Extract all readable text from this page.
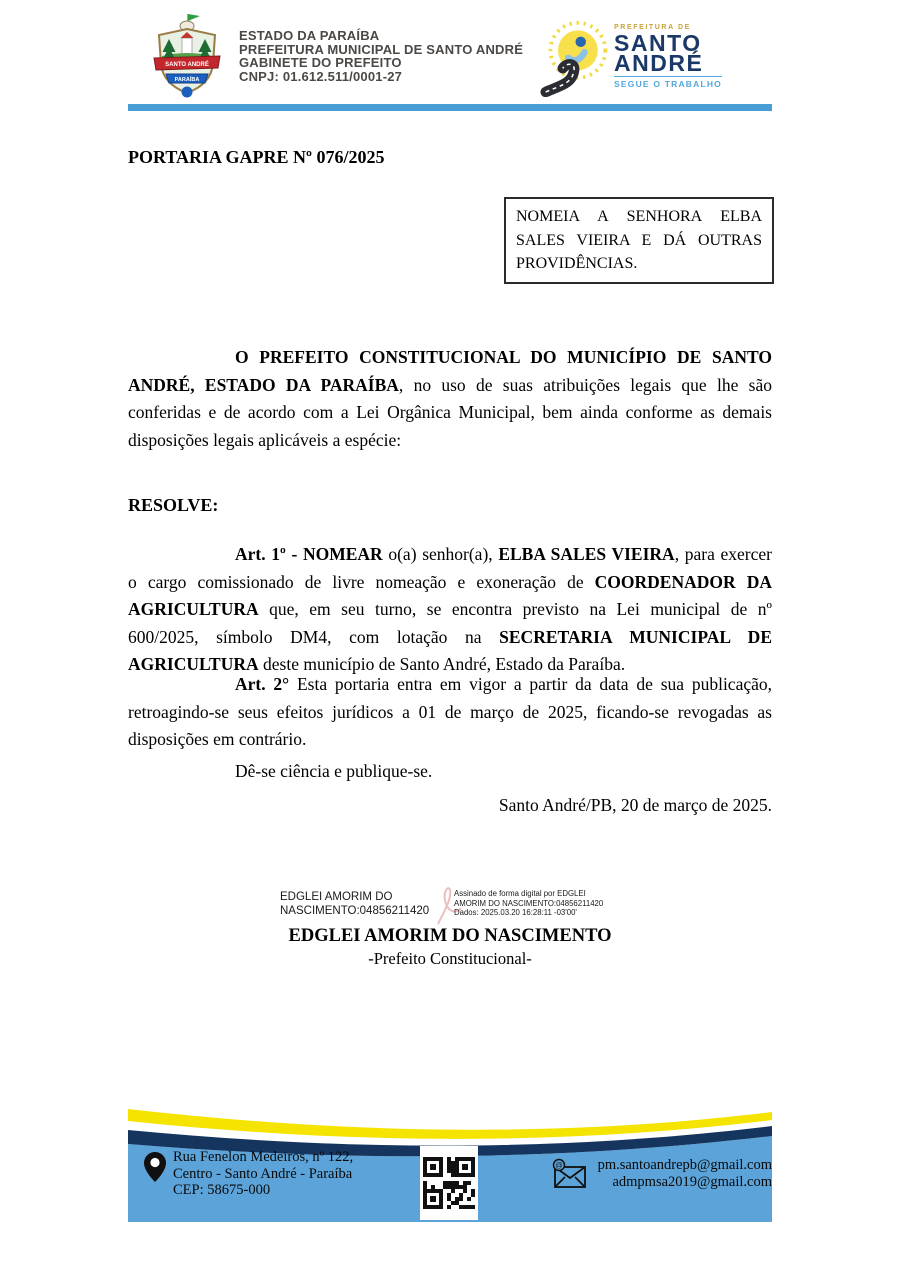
SANTO ANDRÉ
PARAÍBA
ESTADO DA PARAÍBA
PREFEITURA MUNICIPAL DE SANTO ANDRÉ
GABINETE DO PREFEITO
CNPJ: 01.612.511/0001-27
PREFEITURA DE
SANTO
ANDRÉ
SEGUE O TRABALHO
PORTARIA GAPRE Nº 076/2025
NOMEIA A SENHORA ELBA SALES VIEIRA E DÁ OUTRAS PROVIDÊNCIAS.

O PREFEITO CONSTITUCIONAL DO MUNICÍPIO DE SANTO ANDRÉ, ESTADO DA PARAÍBA, no uso de suas atribuições legais que lhe são conferidas e de acordo com a Lei Orgânica Municipal, bem ainda conforme as demais disposições legais aplicáveis a espécie:

RESOLVE:

Art. 1º - NOMEAR o(a) senhor(a), ELBA SALES VIEIRA, para exercer o cargo comissionado de livre nomeação e exoneração de COORDENADOR DA AGRICULTURA que, em seu turno, se encontra previsto na Lei municipal de nº 600/2025, símbolo DM4, com lotação na SECRETARIA MUNICIPAL DE AGRICULTURA deste município de Santo André, Estado da Paraíba.

Art. 2° Esta portaria entra em vigor a partir da data de sua publicação, retroagindo-se seus efeitos jurídicos a 01 de março de 2025, ficando-se revogadas as disposições em contrário.

Dê-se ciência e publique-se.

Santo André/PB, 20 de março de 2025.

EDGLEI AMORIM DO NASCIMENTO:04856211420
Assinado de forma digital por EDGLEI
AMORIM DO NASCIMENTO:04856211420
Dados: 2025.03.20 16:28:11 -03'00'

EDGLEI AMORIM DO NASCIMENTO

-Prefeito Constitucional-

Rua Fenelon Medeiros, nº 122,
Centro - Santo André - Paraíba
CEP: 58675-000
@ pm.santoandrepb@gmail.com
admpmsa2019@gmail.com
